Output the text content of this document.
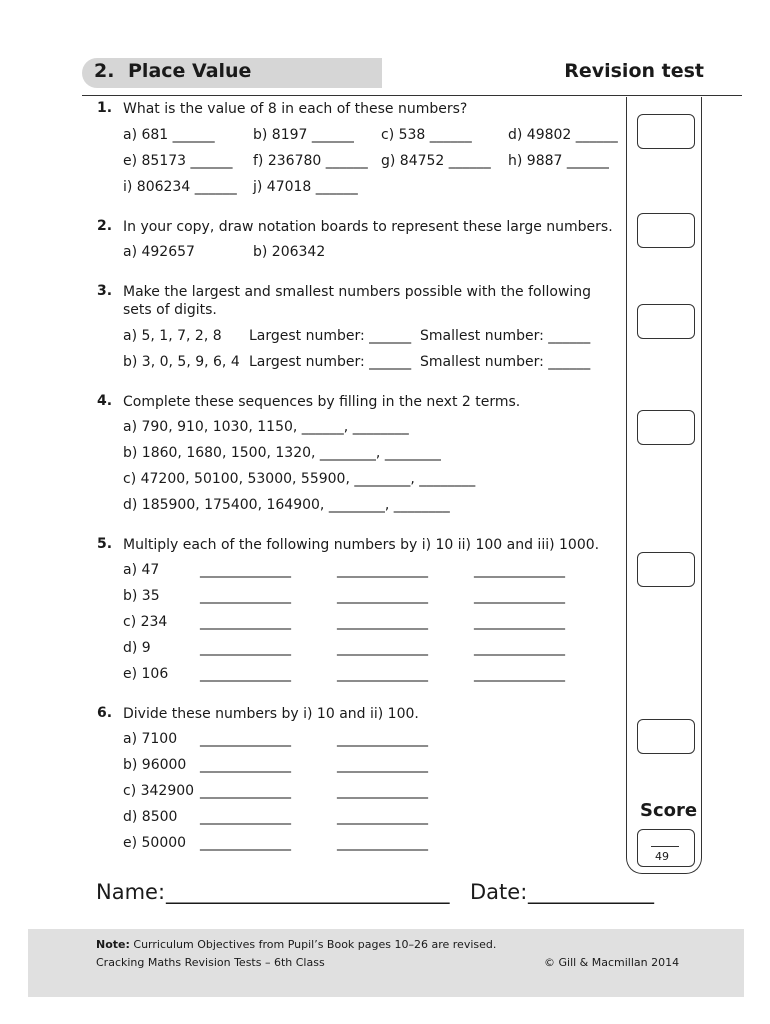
2. Place Value	Revision test
Score
49
1. What is the value of 8 in each of these numbers?
a) 681 ______	b) 8197 ______ c) 538 ______	d) 49802 ______
e) 85173 ______ f) 236780 ______ g) 84752 ______ h) 9887 ______
i) 806234 ______ j) 47018 ______
2. In your copy, draw notation boards to represent these large numbers.
a) 492657	b) 206342
3. Make the largest and smallest numbers possible with the following sets of digits.
a) 5, 1, 7, 2, 8 Largest number: ______ Smallest number: ______
b) 3, 0, 5, 9, 6, 4 Largest number: ______ Smallest number: ______
4. Complete these sequences by filling in the next 2 terms.
a) 790, 910, 1030, 1150, ______, ________
b) 1860, 1680, 1500, 1320, ________, ________
c) 47200, 50100, 53000, 55900, ________, ________
d) 185900, 175400, 164900, ________, ________
5. Multiply each of the following numbers by i) 10 ii) 100 and iii) 1000.
a) 47	_____________	_____________	_____________
b) 35	_____________	_____________	_____________
c) 234 _____________	_____________	_____________
d) 9	_____________	_____________	_____________
e) 106 _____________	_____________	_____________
6. Divide these numbers by i) 10 and ii) 100.
a) 7100 _____________	_____________
b) 96000 _____________	_____________
c) 342900 _____________	_____________
d) 8500 _____________	_____________
e) 50000 _____________	_____________
Name: ___________________________ Date: ____________
Note: Curriculum Objectives from Pupil’s Book pages 10–26 are revised.
Cracking Maths Revision Tests – 6th Class	© Gill & Macmillan 2014
